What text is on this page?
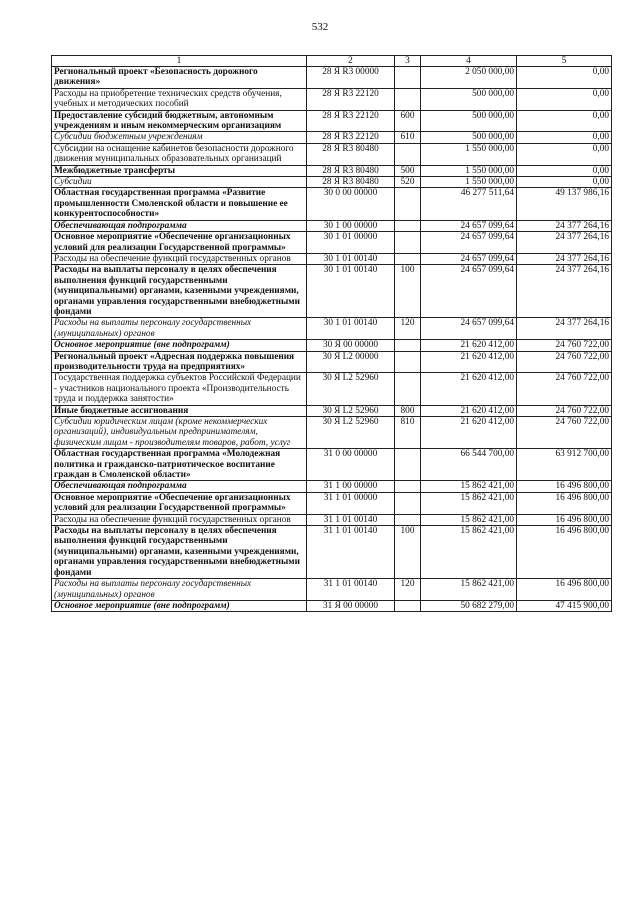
532
1	2	3	4	5
Региональный проект «Безопасность дорожного движения»	28 Я R3 00000		2 050 000,00	0,00
Расходы на приобретение технических средств обучения, учебных и методических пособий	28 Я R3 22120		500 000,00	0,00
Предоставление субсидий бюджетным, автономным учреждениям и иным некоммерческим организациям	28 Я R3 22120	600	500 000,00	0,00
Субсидии бюджетным учреждениям	28 Я R3 22120	610	500 000,00	0,00
Субсидии на оснащение кабинетов безопасности дорожного движения муниципальных образовательных организаций	28 Я R3 80480		1 550 000,00	0,00
Межбюджетные трансферты	28 Я R3 80480	500	1 550 000,00	0,00
Субсидии	28 Я R3 80480	520	1 550 000,00	0,00
Областная государственная программа «Развитие промышленности Смоленской области и повышение ее конкурентоспособности»	30 0 00 00000		46 277 511,64	49 137 986,16
Обеспечивающая подпрограмма	30 1 00 00000		24 657 099,64	24 377 264,16
Основное мероприятие «Обеспечение организационных условий для реализации Государственной программы»	30 1 01 00000		24 657 099,64	24 377 264,16
Расходы на обеспечение функций государственных органов	30 1 01 00140		24 657 099,64	24 377 264,16
Расходы на выплаты персоналу в целях обеспечения выполнения функций государственными (муниципальными) органами, казенными учреждениями, органами управления государственными внебюджетными фондами	30 1 01 00140	100	24 657 099,64	24 377 264,16
Расходы на выплаты персоналу государственных (муниципальных) органов	30 1 01 00140	120	24 657 099,64	24 377 264,16
Основное мероприятие (вне подпрограмм)	30 Я 00 00000		21 620 412,00	24 760 722,00
Региональный проект «Адресная поддержка повышения производительности труда на предприятиях»	30 Я L2 00000		21 620 412,00	24 760 722,00
Государственная поддержка субъектов Российской Федерации - участников национального проекта «Производительность труда и поддержка занятости»	30 Я L2 52960		21 620 412,00	24 760 722,00
Иные бюджетные ассигнования	30 Я L2 52960	800	21 620 412,00	24 760 722,00
Субсидии юридическим лицам (кроме некоммерческих организаций), индивидуальным предпринимателям, физическим лицам - производителям товаров, работ, услуг	30 Я L2 52960	810	21 620 412,00	24 760 722,00
Областная государственная программа «Молодежная политика и гражданско-патриотическое воспитание граждан в Смоленской области»	31 0 00 00000		66 544 700,00	63 912 700,00
Обеспечивающая подпрограмма	31 1 00 00000		15 862 421,00	16 496 800,00
Основное мероприятие «Обеспечение организационных условий для реализации Государственной программы»	31 1 01 00000		15 862 421,00	16 496 800,00
Расходы на обеспечение функций государственных органов	31 1 01 00140		15 862 421,00	16 496 800,00
Расходы на выплаты персоналу в целях обеспечения выполнения функций государственными (муниципальными) органами, казенными учреждениями, органами управления государственными внебюджетными фондами	31 1 01 00140	100	15 862 421,00	16 496 800,00
Расходы на выплаты персоналу государственных (муниципальных) органов	31 1 01 00140	120	15 862 421,00	16 496 800,00
Основное мероприятие (вне подпрограмм)	31 Я 00 00000		50 682 279,00	47 415 900,00
